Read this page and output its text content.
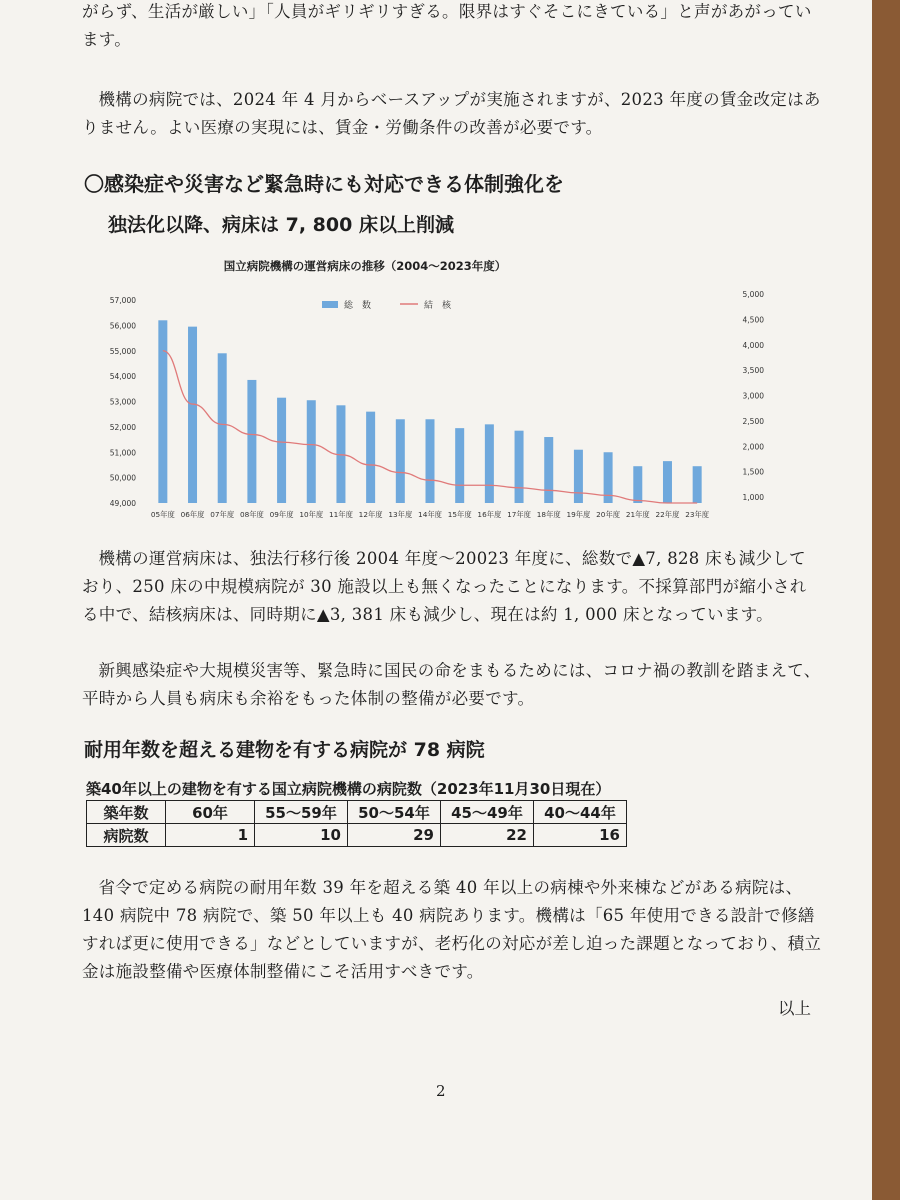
がらず、生活が厳しい」「人員がギリギリすぎる。限界はすぐそこにきている」と声があがっています。

機構の病院では、2024 年 4 月からベースアップが実施されますが、2023 年度の賃金改定はありません。よい医療の実現には、賃金・労働条件の改善が必要です。

〇感染症や災害など緊急時にも対応できる体制強化を
独法化以降、病床は 7, 800 床以上削減
国立病院機構の運営病床の推移（2004～2023年度）
総　数	結　核
49,000
50,000
51,000
52,000
53,000
54,000
55,000
56,000
57,000
1,000
1,500
2,000
2,500
3,000
3,500
4,000
4,500
5,000
05年度 06年度 07年度 08年度 09年度 10年度 11年度 12年度 13年度 14年度 15年度 16年度 17年度 18年度 19年度 20年度 21年度 22年度 23年度

機構の運営病床は、独法行移行後 2004 年度～20023 年度に、総数で▲7, 828 床も減少しており、250 床の中規模病院が 30 施設以上も無くなったことになります。不採算部門が縮小される中で、結核病床は、同時期に▲3, 381 床も減少し、現在は約 1, 000 床となっています。

新興感染症や大規模災害等、緊急時に国民の命をまもるためには、コロナ禍の教訓を踏まえて、平時から人員も病床も余裕をもった体制の整備が必要です。

耐用年数を超える建物を有する病院が 78 病院
築40年以上の建物を有する国立病院機構の病院数（2023年11月30日現在）
築年数	60年	55～59年	50～54年	45～49年	40～44年
病院数	1	10	29	22	16

省令で定める病院の耐用年数 39 年を超える築 40 年以上の病棟や外来棟などがある病院は、140 病院中 78 病院で、築 50 年以上も 40 病院あります。機構は「65 年使用できる設計で修繕すれば更に使用できる」などとしていますが、老朽化の対応が差し迫った課題となっており、積立金は施設整備や医療体制整備にこそ活用すべきです。

以上
2
